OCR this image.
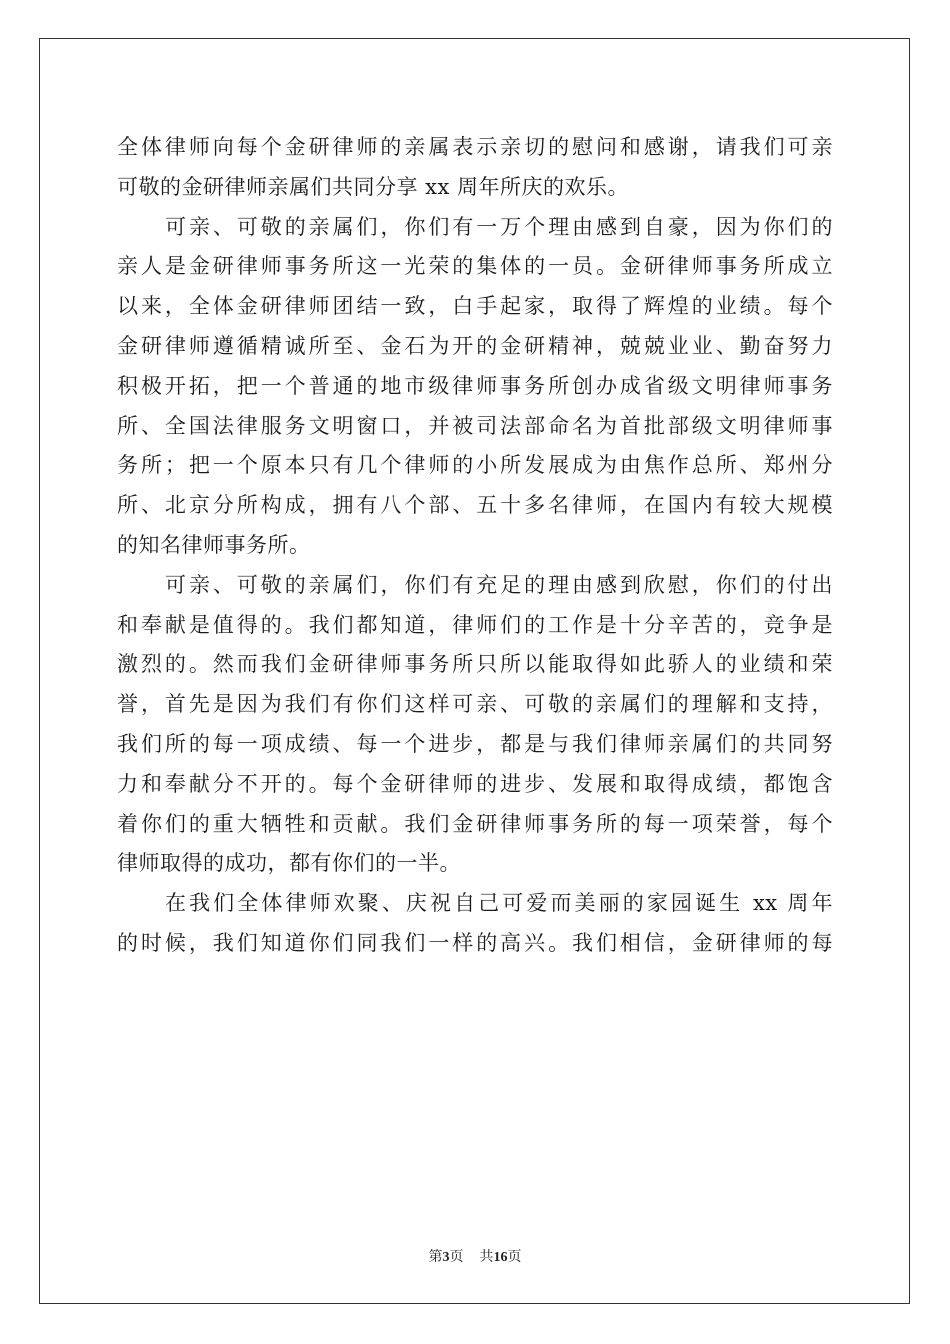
全体律师向每个金研律师的亲属表示亲切的慰问和感谢，请我们可亲
可敬的金研律师亲属们共同分享 xx 周年所庆的欢乐。
可亲、可敬的亲属们，你们有一万个理由感到自豪，因为你们的
亲人是金研律师事务所这一光荣的集体的一员。金研律师事务所成立
以来，全体金研律师团结一致，白手起家，取得了辉煌的业绩。每个
金研律师遵循精诚所至、金石为开的金研精神，兢兢业业、勤奋努力
积极开拓，把一个普通的地市级律师事务所创办成省级文明律师事务
所、全国法律服务文明窗口，并被司法部命名为首批部级文明律师事
务所；把一个原本只有几个律师的小所发展成为由焦作总所、郑州分
所、北京分所构成，拥有八个部、五十多名律师，在国内有较大规模
的知名律师事务所。
可亲、可敬的亲属们，你们有充足的理由感到欣慰，你们的付出
和奉献是值得的。我们都知道，律师们的工作是十分辛苦的，竞争是
激烈的。然而我们金研律师事务所只所以能取得如此骄人的业绩和荣
誉，首先是因为我们有你们这样可亲、可敬的亲属们的理解和支持，
我们所的每一项成绩、每一个进步，都是与我们律师亲属们的共同努
力和奉献分不开的。每个金研律师的进步、发展和取得成绩，都饱含
着你们的重大牺牲和贡献。我们金研律师事务所的每一项荣誉，每个
律师取得的成功，都有你们的一半。
在我们全体律师欢聚、庆祝自己可爱而美丽的家园诞生 xx 周年
的时候，我们知道你们同我们一样的高兴。我们相信，金研律师的每
第3页 共16页
